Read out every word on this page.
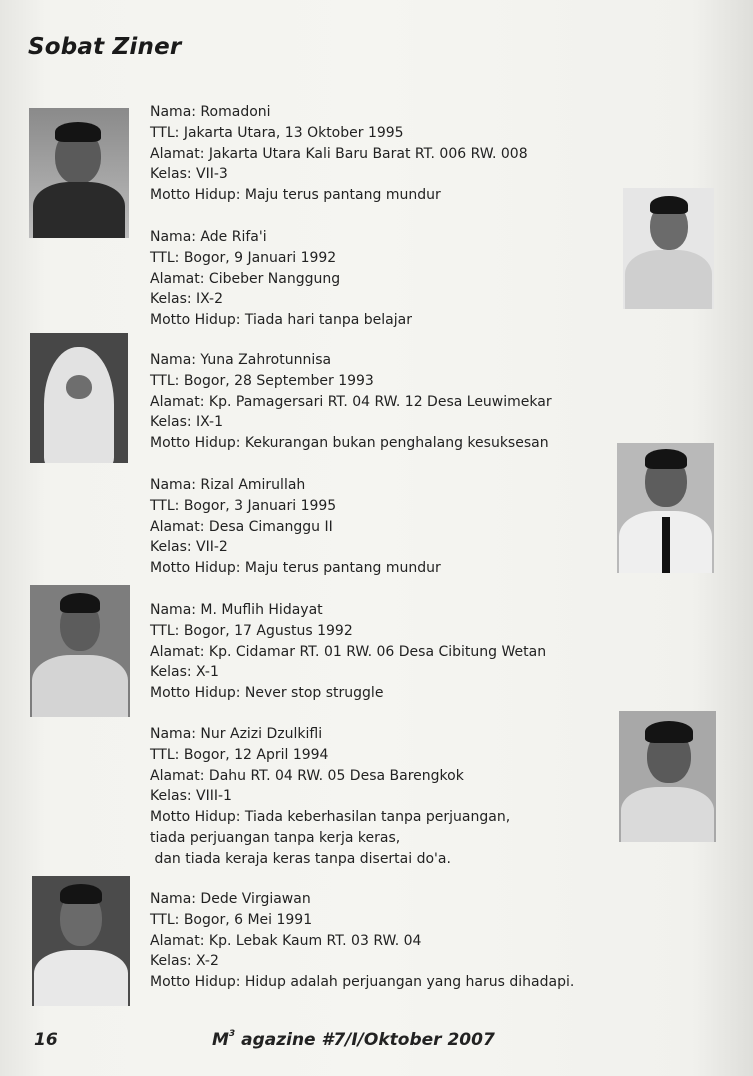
Sobat Ziner
Nama: Romadoni
TTL: Jakarta Utara, 13 Oktober 1995
Alamat: Jakarta Utara Kali Baru Barat RT. 006 RW. 008
Kelas: VII-3
Motto Hidup: Maju terus pantang mundur
Nama: Ade Rifa'i
TTL: Bogor, 9 Januari 1992
Alamat: Cibeber Nanggung
Kelas: IX-2
Motto Hidup: Tiada hari tanpa belajar
Nama: Yuna Zahrotunnisa
TTL: Bogor, 28 September 1993
Alamat: Kp. Pamagersari RT. 04 RW. 12 Desa Leuwimekar
Kelas: IX-1
Motto Hidup: Kekurangan bukan penghalang kesuksesan
Nama: Rizal Amirullah
TTL: Bogor, 3 Januari 1995
Alamat: Desa Cimanggu II
Kelas: VII-2
Motto Hidup: Maju terus pantang mundur
Nama: M. Muflih Hidayat
TTL: Bogor, 17 Agustus 1992
Alamat: Kp. Cidamar RT. 01 RW. 06 Desa Cibitung Wetan
Kelas: X-1
Motto Hidup: Never stop struggle
Nama: Nur Azizi Dzulkifli
TTL: Bogor, 12 April 1994
Alamat: Dahu RT. 04 RW. 05 Desa Barengkok
Kelas: VIII-1
Motto Hidup: Tiada keberhasilan tanpa perjuangan,
tiada perjuangan tanpa kerja keras,
dan tiada keraja keras tanpa disertai do'a.
Nama: Dede Virgiawan
TTL: Bogor, 6 Mei 1991
Alamat: Kp. Lebak Kaum RT. 03 RW. 04
Kelas: X-2
Motto Hidup: Hidup adalah perjuangan yang harus dihadapi.
16	$M^3$ agazine #7/I/Oktober 2007
